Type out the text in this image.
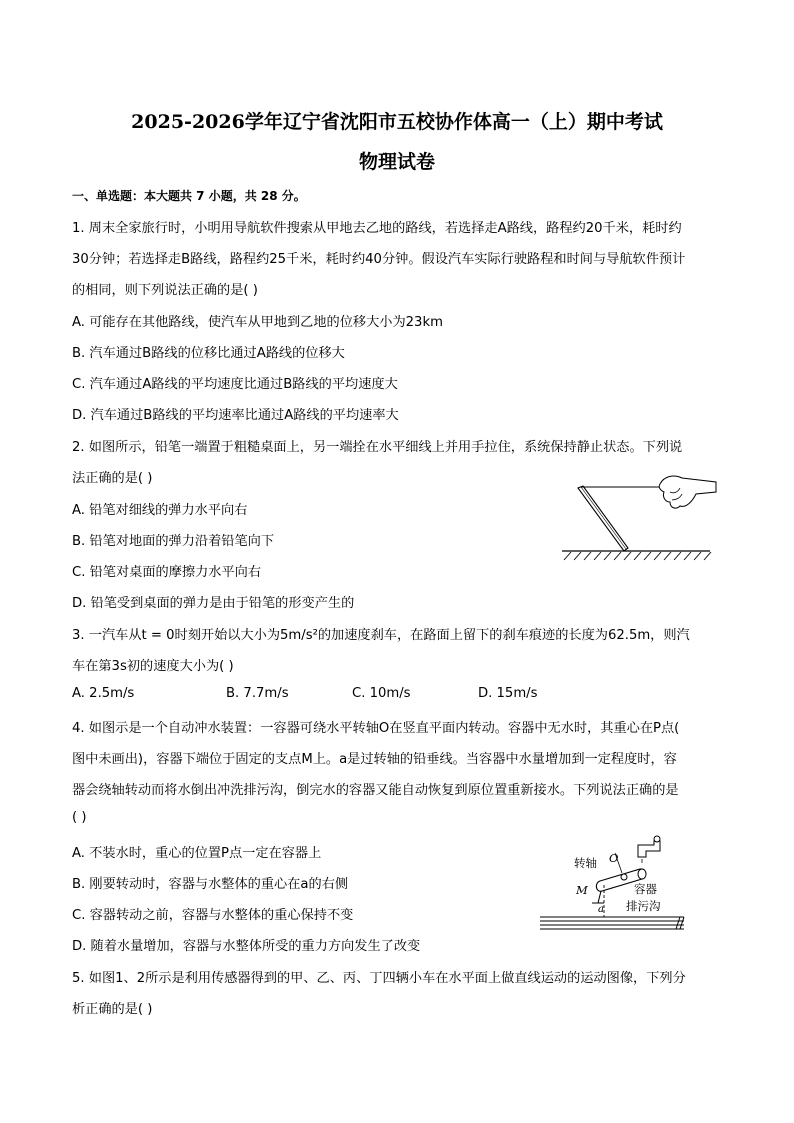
2025-2026学年辽宁省沈阳市五校协作体高一（上）期中考试
物理试卷
一、单选题：本大题共 7 小题，共 28 分。
1. 周末全家旅行时，小明用导航软件搜索从甲地去乙地的路线，若选择走A路线，路程约20千米，耗时约
30分钟；若选择走B路线，路程约25千米，耗时约40分钟。假设汽车实际行驶路程和时间与导航软件预计
的相同，则下列说法正确的是( )
A. 可能存在其他路线，使汽车从甲地到乙地的位移大小为23km
B. 汽车通过B路线的位移比通过A路线的位移大
C. 汽车通过A路线的平均速度比通过B路线的平均速度大
D. 汽车通过B路线的平均速率比通过A路线的平均速率大
2. 如图所示，铅笔一端置于粗糙桌面上，另一端拴在水平细线上并用手拉住，系统保持静止状态。下列说
法正确的是( )
A. 铅笔对细线的弹力水平向右
B. 铅笔对地面的弹力沿着铅笔向下
C. 铅笔对桌面的摩擦力水平向右
D. 铅笔受到桌面的弹力是由于铅笔的形变产生的
3. 一汽车从t = 0时刻开始以大小为5m/s²的加速度刹车，在路面上留下的刹车痕迹的长度为62.5m，则汽
车在第3s初的速度大小为( )
A. 2.5m/s	B. 7.7m/s	C. 10m/s	D. 15m/s
4. 如图示是一个自动冲水装置：一容器可绕水平转轴O在竖直平面内转动。容器中无水时，其重心在P点(
图中未画出)，容器下端位于固定的支点M上。a是过转轴的铅垂线。当容器中水量增加到一定程度时，容
器会绕轴转动而将水倒出冲洗排污沟，倒完水的容器又能自动恢复到原位置重新接水。下列说法正确的是
( )
A. 不装水时，重心的位置P点一定在容器上
B. 刚要转动时，容器与水整体的重心在a的右侧
C. 容器转动之前，容器与水整体的重心保持不变
D. 随着水量增加，容器与水整体所受的重力方向发生了改变
转轴 O
M	容器
排污沟
a
5. 如图1、2所示是利用传感器得到的甲、乙、丙、丁四辆小车在水平面上做直线运动的运动图像，下列分
析正确的是( )
